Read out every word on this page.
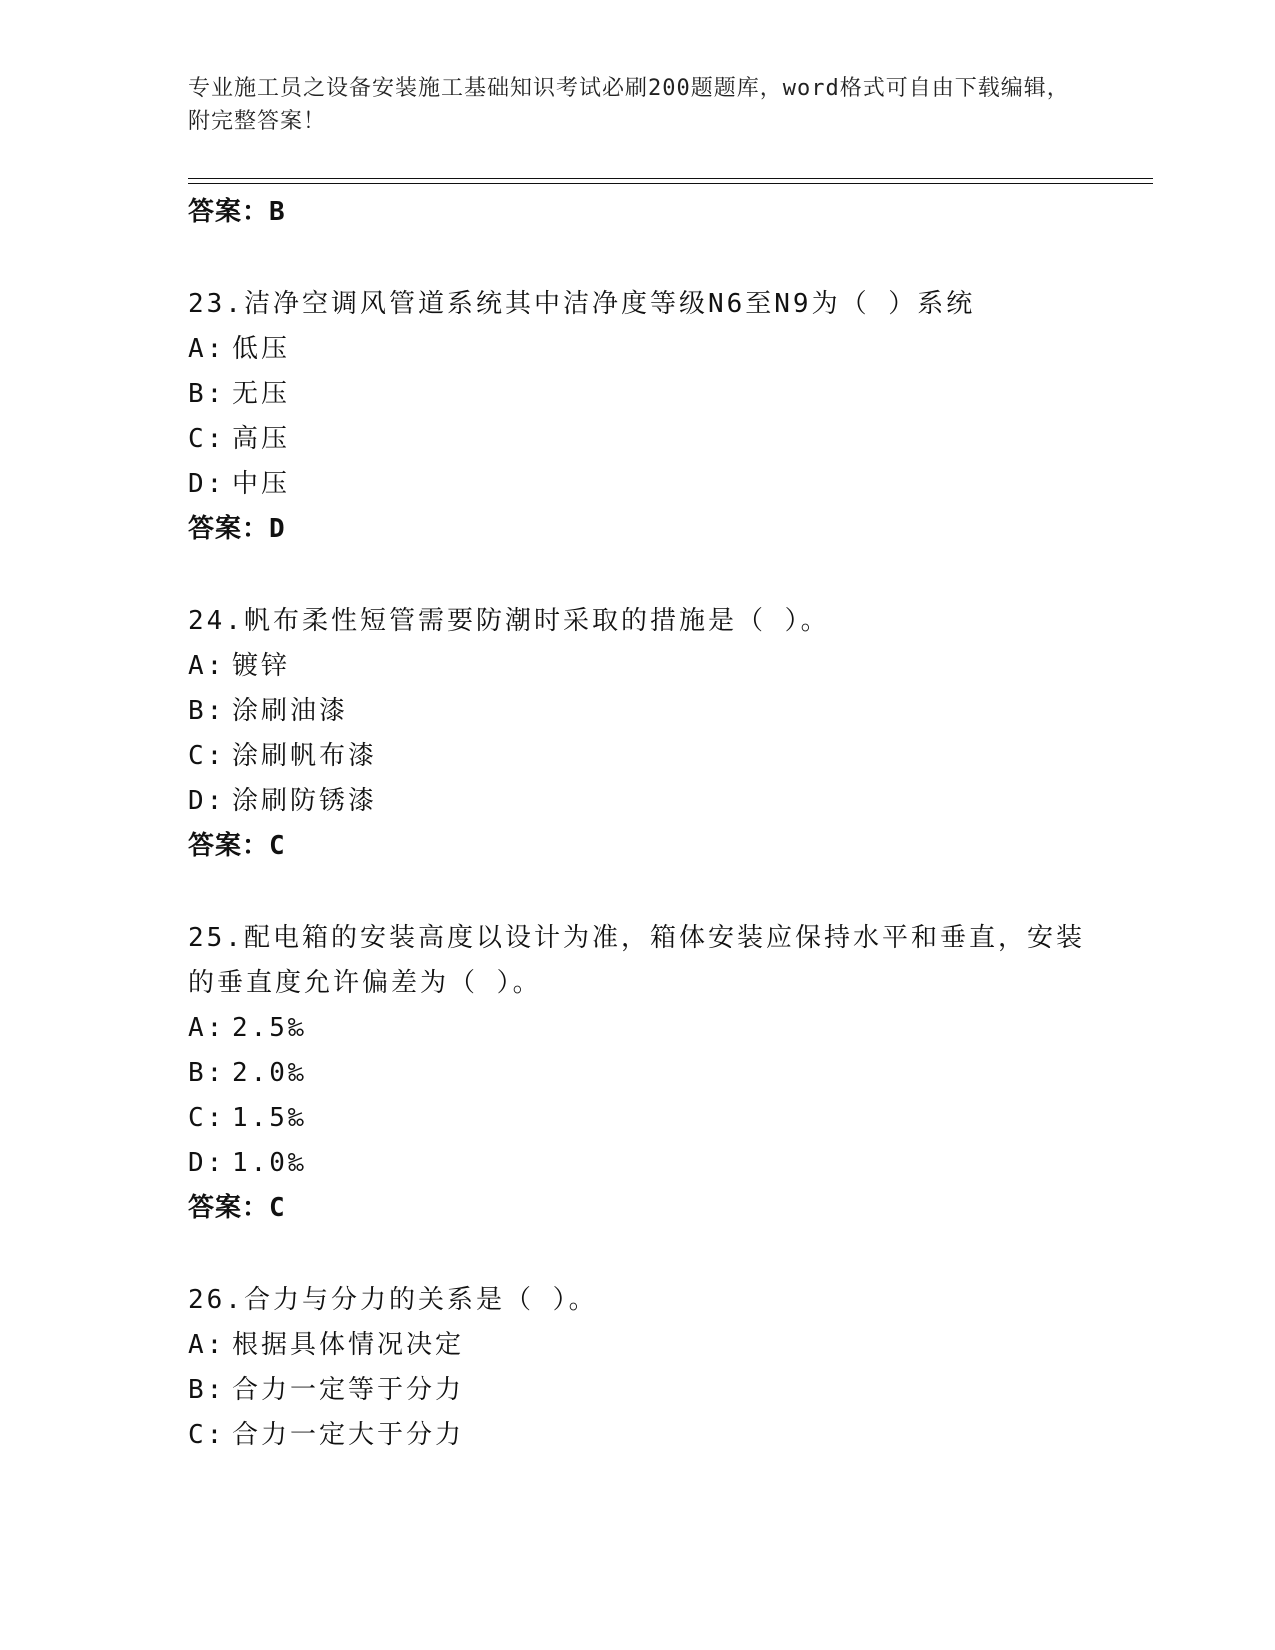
专业施工员之设备安装施工基础知识考试必刷200题题库，word格式可自由下载编辑，附完整答案！
答案：B
23.洁净空调风管道系统其中洁净度等级N6至N9为（ ）系统
A: 低压
B: 无压
C: 高压
D: 中压
答案：D
24.帆布柔性短管需要防潮时采取的措施是（ ）。
A: 镀锌
B: 涂刷油漆
C: 涂刷帆布漆
D: 涂刷防锈漆
答案：C
25.配电箱的安装高度以设计为准，箱体安装应保持水平和垂直，安装的垂直度允许偏差为（ ）。
A: 2.5‰
B: 2.0‰
C: 1.5‰
D: 1.0‰
答案：C
26.合力与分力的关系是（ ）。
A: 根据具体情况决定
B: 合力一定等于分力
C: 合力一定大于分力
